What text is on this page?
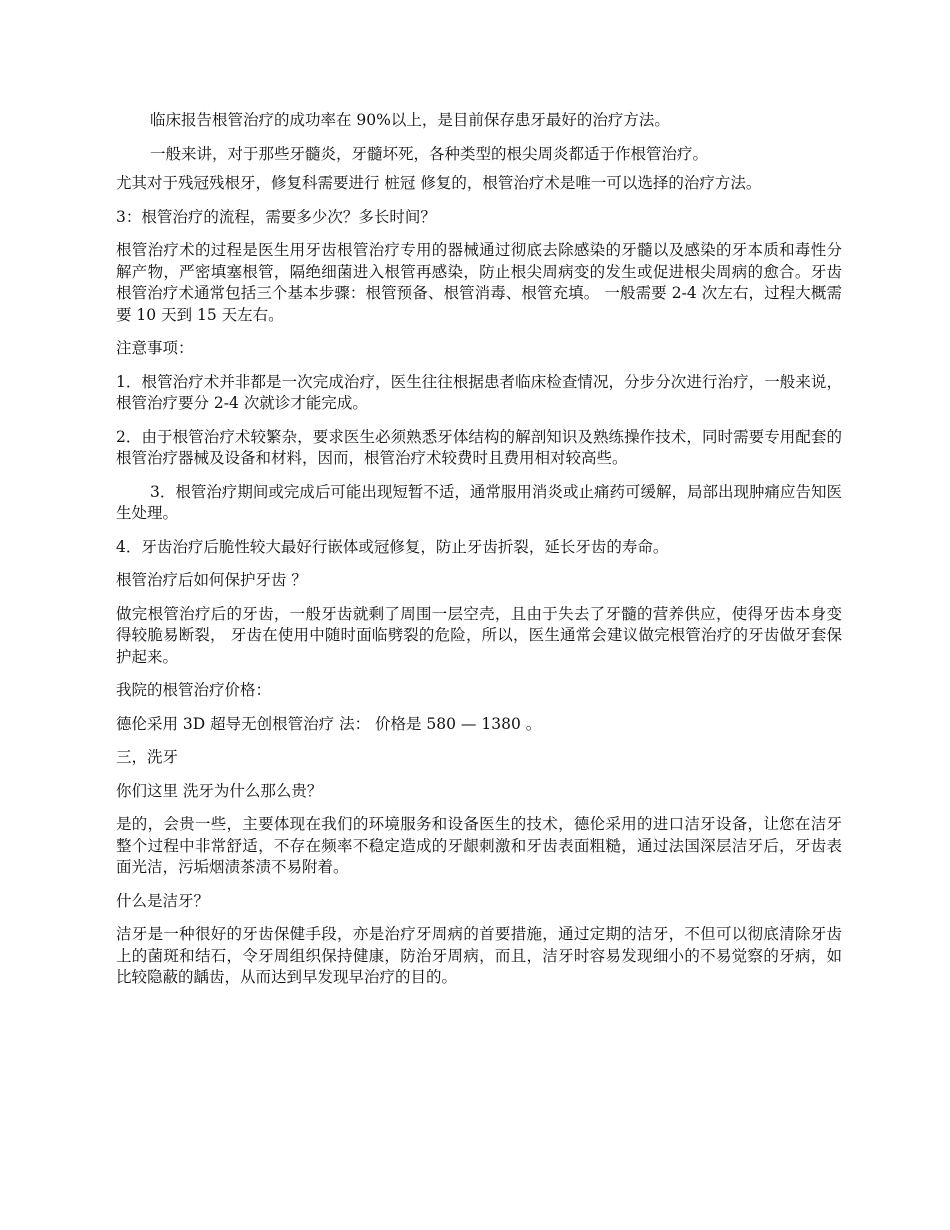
临床报告根管治疗的成功率在 90%以上，是目前保存患牙最好的治疗方法。

一般来讲，对于那些牙髓炎，牙髓坏死，各种类型的根尖周炎都适于作根管治疗。

尤其对于残冠残根牙，修复科需要进行 桩冠 修复的，根管治疗术是唯一可以选择的治疗方法。

3：根管治疗的流程，需要多少次？多长时间？

根管治疗术的过程是医生用牙齿根管治疗专用的器械通过彻底去除感染的牙髓以及感染的牙本质和毒性分解产物，严密填塞根管，隔绝细菌进入根管再感染，防止根尖周病变的发生或促进根尖周病的愈合。牙齿根管治疗术通常包括三个基本步骤：根管预备、根管消毒、根管充填。 一般需要 2-4 次左右，过程大概需要 10 天到 15 天左右。

注意事项：

1．根管治疗术并非都是一次完成治疗，医生往往根据患者临床检查情况，分步分次进行治疗，一般来说，根管治疗要分 2-4 次就诊才能完成。

2．由于根管治疗术较繁杂，要求医生必须熟悉牙体结构的解剖知识及熟练操作技术，同时需要专用配套的根管治疗器械及设备和材料，因而，根管治疗术较费时且费用相对较高些。

3．根管治疗期间或完成后可能出现短暂不适，通常服用消炎或止痛药可缓解，局部出现肿痛应告知医生处理。

4．牙齿治疗后脆性较大最好行嵌体或冠修复，防止牙齿折裂，延长牙齿的寿命。

根管治疗后如何保护牙齿 ？

做完根管治疗后的牙齿，一般牙齿就剩了周围一层空壳，且由于失去了牙髓的营养供应，使得牙齿本身变得较脆易断裂， 牙齿在使用中随时面临劈裂的危险，所以，医生通常会建议做完根管治疗的牙齿做牙套保护起来。

我院的根管治疗价格：

德伦采用 3D 超导无创根管治疗 法： 价格是 580 — 1380 。

三，洗牙

你们这里 洗牙为什么那么贵？

是的，会贵一些，主要体现在我们的环境服务和设备医生的技术，德伦采用的进口洁牙设备，让您在洁牙整个过程中非常舒适，不存在频率不稳定造成的牙龈刺激和牙齿表面粗糙，通过法国深层洁牙后，牙齿表面光洁，污垢烟渍茶渍不易附着。

什么是洁牙？

洁牙是一种很好的牙齿保健手段，亦是治疗牙周病的首要措施，通过定期的洁牙，不但可以彻底清除牙齿上的菌斑和结石，令牙周组织保持健康，防治牙周病，而且，洁牙时容易发现细小的不易觉察的牙病，如比较隐蔽的龋齿，从而达到早发现早治疗的目的。
